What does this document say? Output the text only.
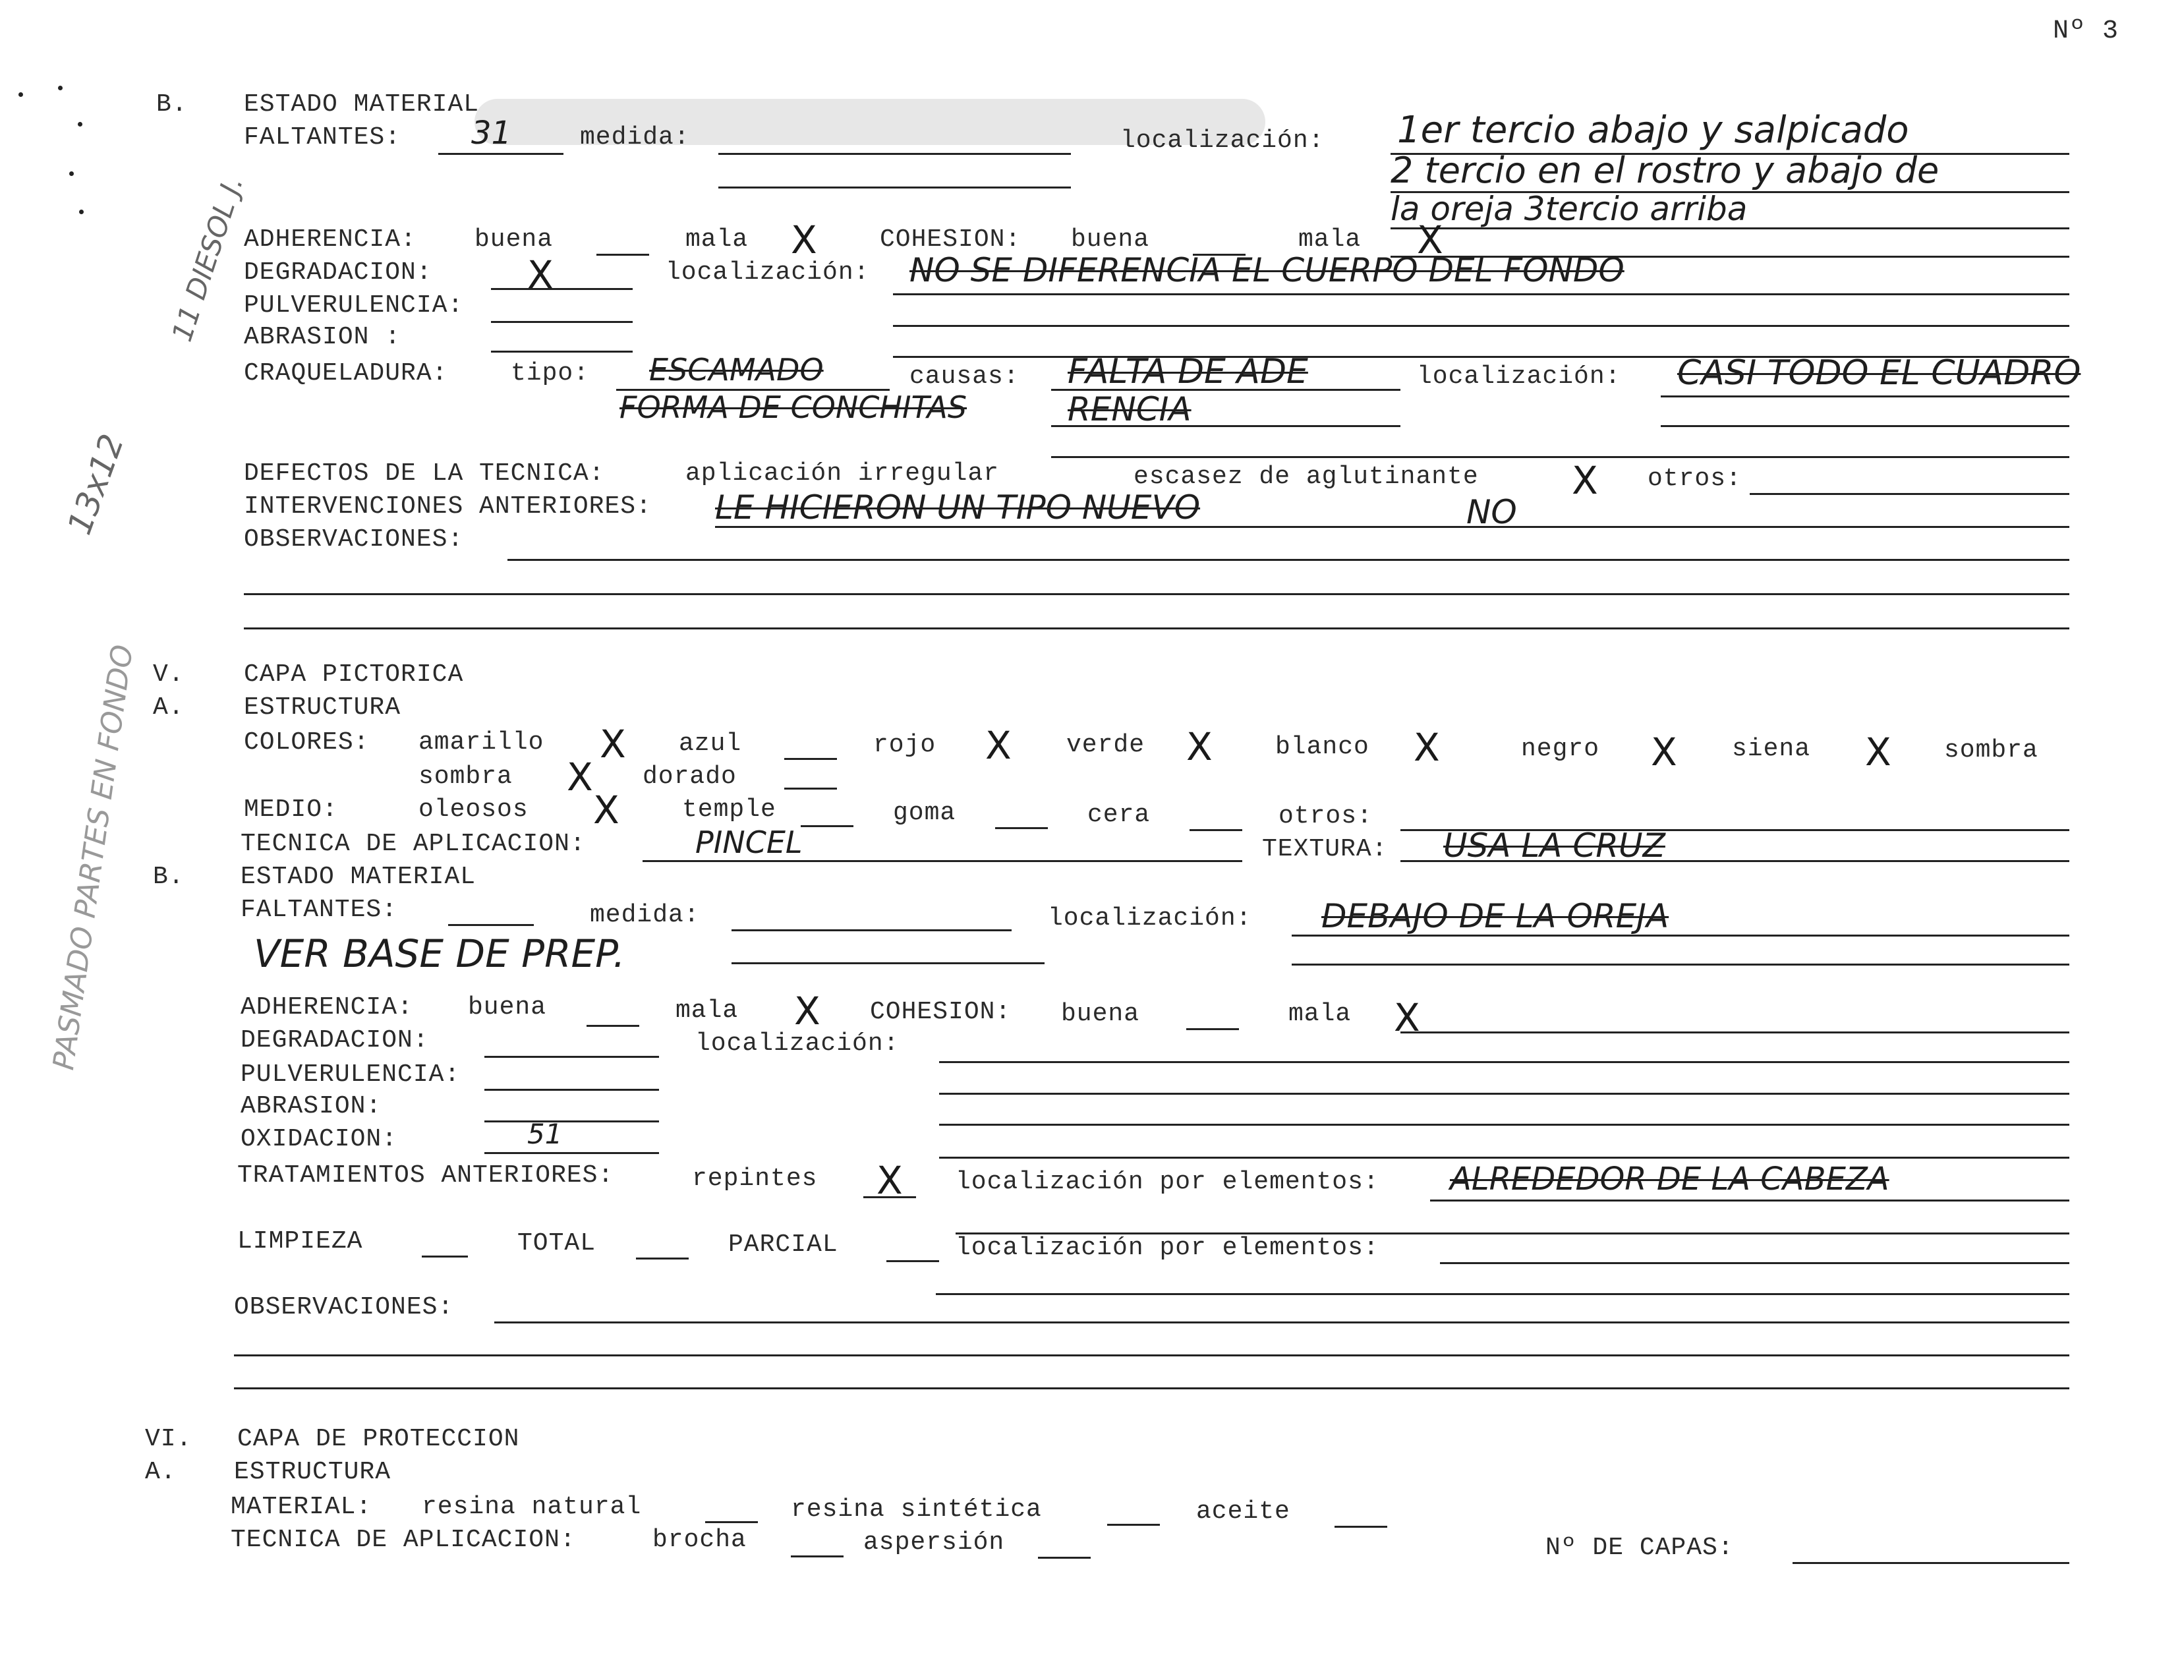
Nº 3
11 DIESOL J.
13x12
PASMADO PARTES EN FONDO
B. ESTADO MATERIAL
FALTANTES: 31	medida:	localización: 1er tercio abajo y salpicado
2 tercio en el rostro y abajo de
la oreja 3tercio arriba
ADHERENCIA: buena	mala X	COHESION: buena	mala X
DEGRADACION: X	localización: NO SE DIFERENCIA EL CUERPO DEL FONDO
PULVERULENCIA:
ABRASION :
CRAQUELADURA:	tipo: ESCAMADO
FORMA DE CONCHITAS
causas: FALTA DE ADE
RENCIA
localización: CASI TODO EL CUADRO
DEFECTOS DE LA TECNICA:	aplicación irregular	escasez de aglutinante X otros:
INTERVENCIONES ANTERIORES: LE HICIERON UN TIPO NUEVO	NO
OBSERVACIONES:
V. CAPA PICTORICA
A. ESTRUCTURA
COLORES: amarillo X azul	rojo X verde X	blanco X	negro X siena X sombra
sombra X dorado
MEDIO:	oleosos X	temple	goma	cera	otros:
TECNICA DE APLICACION:	PINCEL	TEXTURA: USA LA CRUZ
B. ESTADO MATERIAL
FALTANTES:	medida:	localización: DEBAJO DE LA OREJA
VER BASE DE PREP.
ADHERENCIA: buena	mala X COHESION: buena	mala X
DEGRADACION:	localización:
PULVERULENCIA:
ABRASION:
OXIDACION:	51
TRATAMIENTOS ANTERIORES:	repintes X localización por elementos: ALREDEDOR DE LA CABEZA
LIMPIEZA	TOTAL	PARCIAL	localización por elementos:
OBSERVACIONES:
VI. CAPA DE PROTECCION
A. ESTRUCTURA
MATERIAL: resina natural	resina sintética	aceite
TECNICA DE APLICACION:	brocha	aspersión	Nº DE CAPAS:
